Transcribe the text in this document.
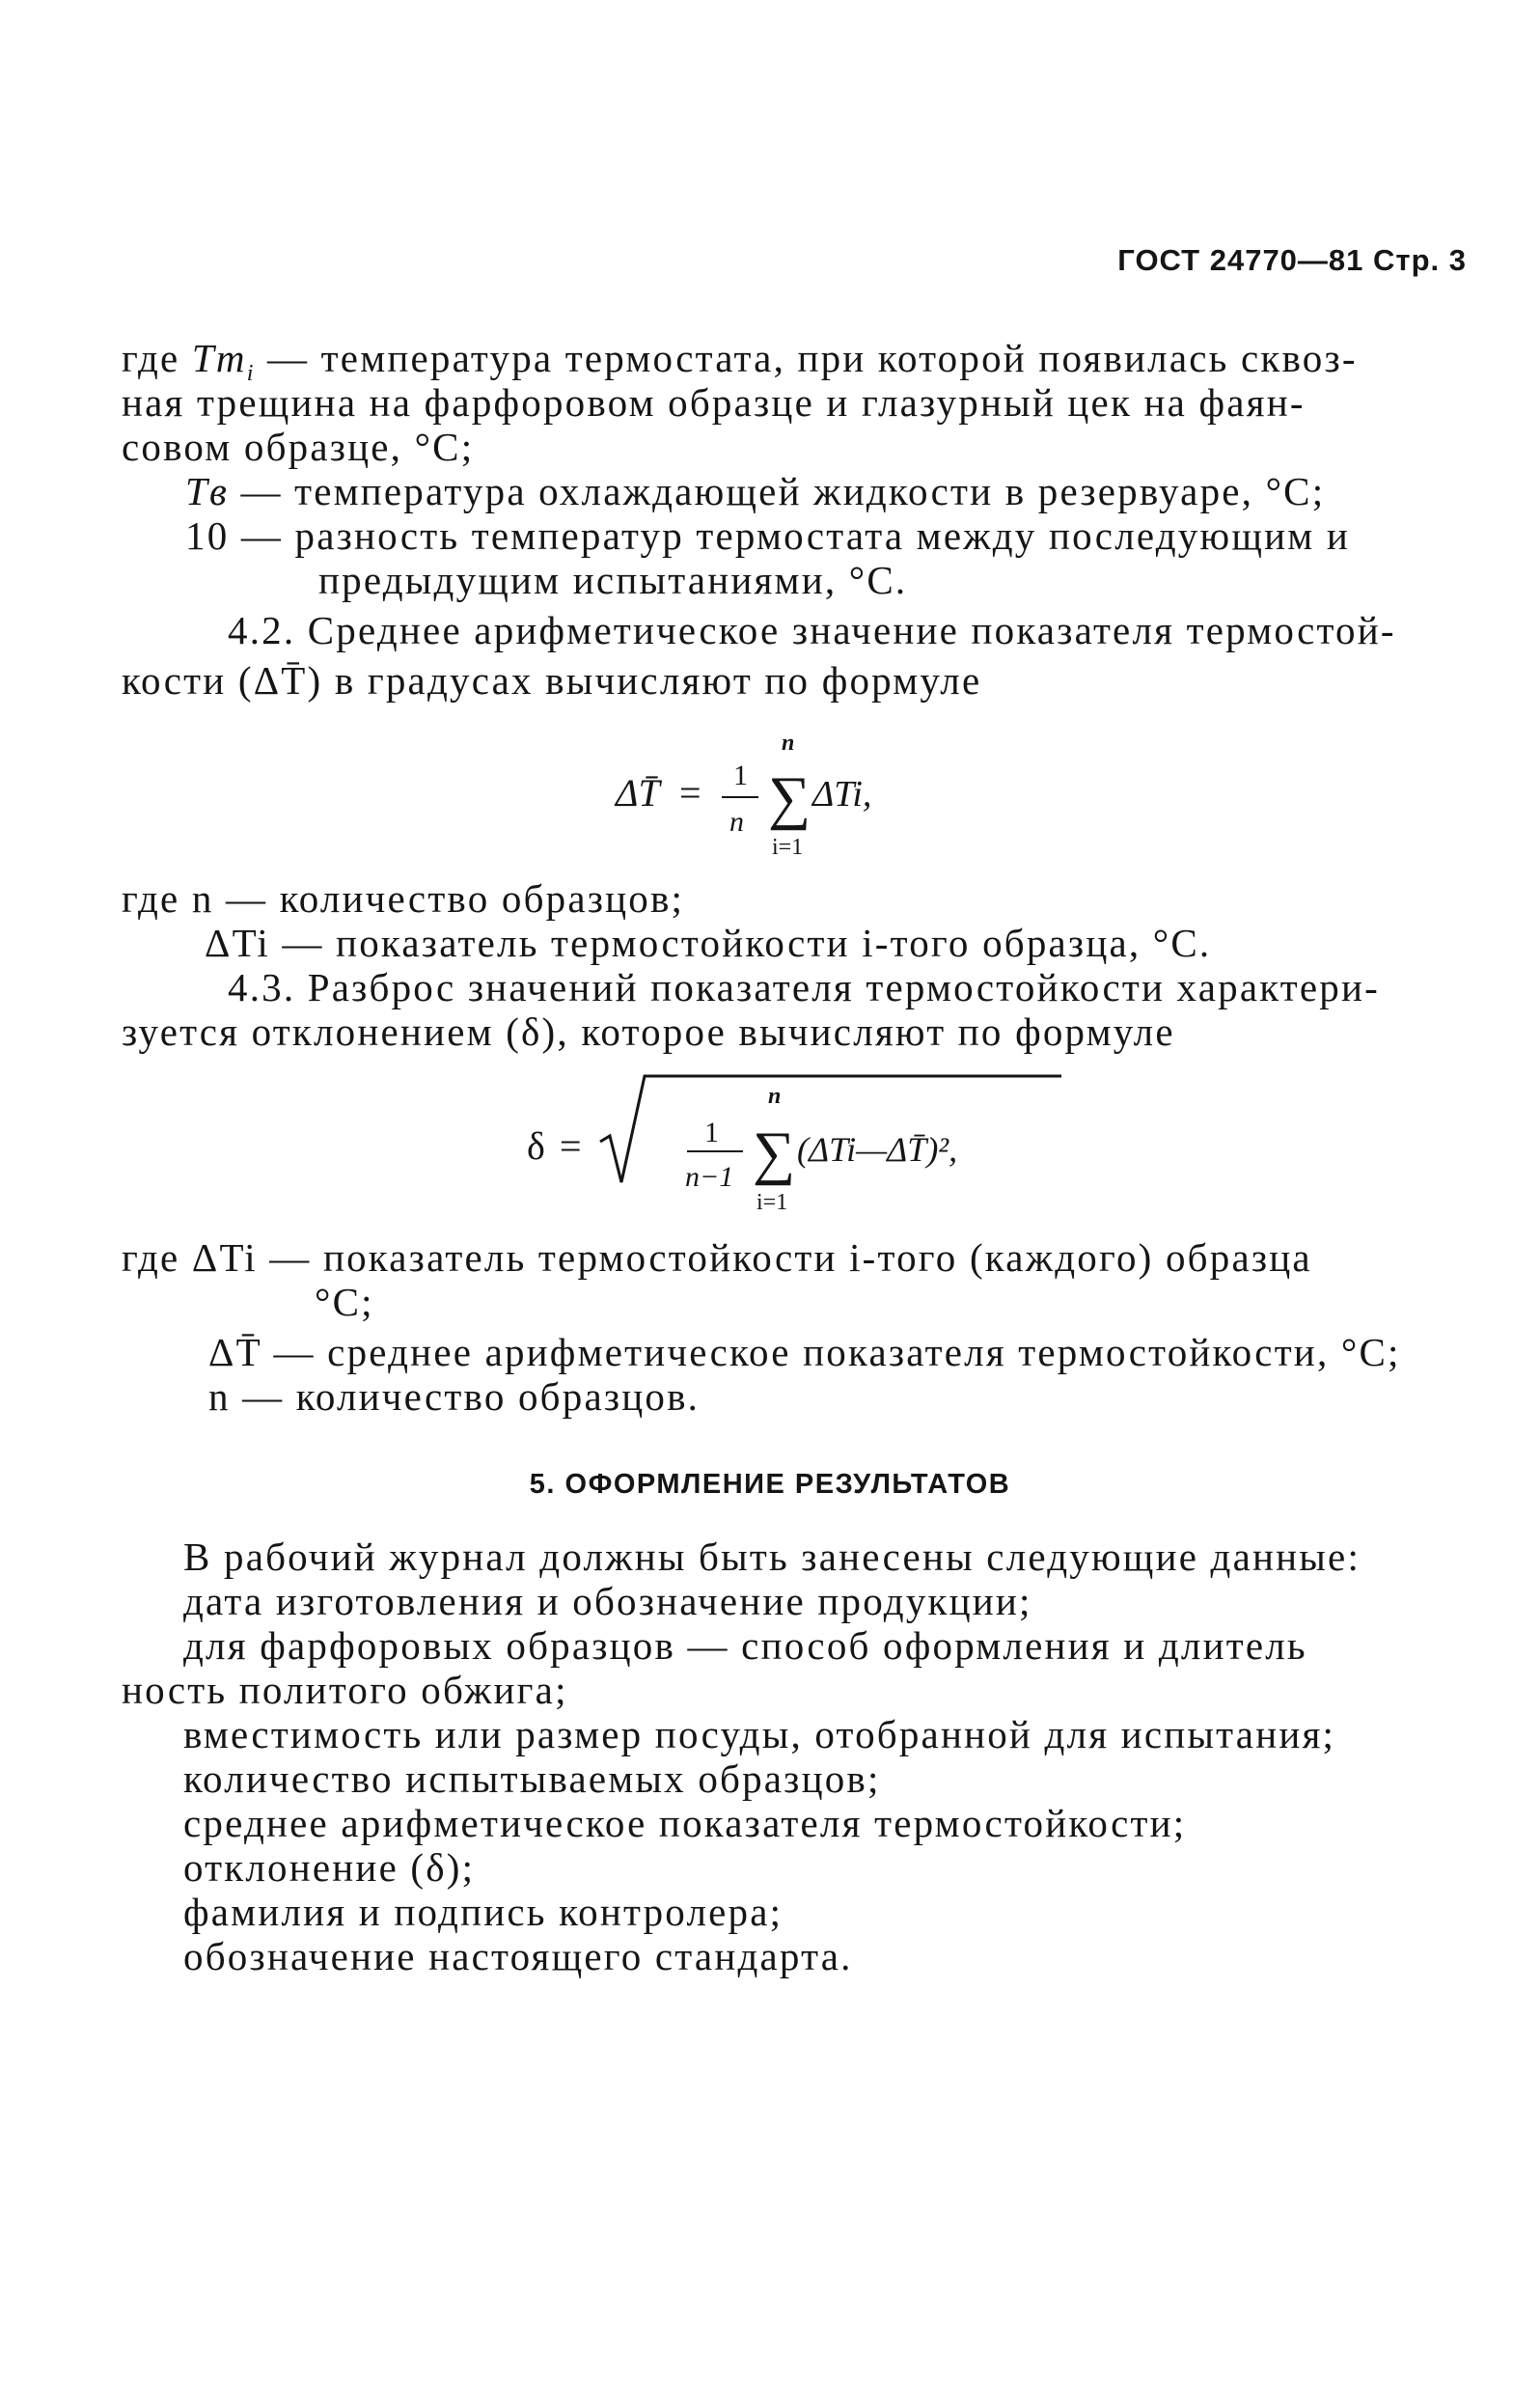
ГОСТ 24770—81 Стр. 3
где $Tт_i$ — температура термостата, при которой появилась сквоз-
ная трещина на фарфоровом образце и глазурный цек на фаян-
совом образце, °С;
Tв — температура охлаждающей жидкости в резервуаре, °С;
10 — разность температур термостата между последующим и
предыдущим испытаниями, °С.
4.2. Среднее арифметическое значение показателя термостой-
кости (ΔT̄) в градусах вычисляют по формуле
ΔT̄ = 1
n
n
∑
i=1
ΔTi,
где n — количество образцов;
ΔTi — показатель термостойкости i-того образца, °С.
4.3. Разброс значений показателя термостойкости характери-
зуется отклонением (δ), которое вычисляют по формуле
δ =	1
n−1
n
∑
i=1
(ΔTi—ΔT̄)²,
где ΔTi — показатель термостойкости i-того (каждого) образца
°С;
ΔT̄ — среднее арифметическое показателя термостойкости, °С;
n — количество образцов.
5. ОФОРМЛЕНИЕ РЕЗУЛЬТАТОВ
В рабочий журнал должны быть занесены следующие данные:
дата изготовления и обозначение продукции;
для фарфоровых образцов — способ оформления и длитель
ность политого обжига;
вместимость или размер посуды, отобранной для испытания;
количество испытываемых образцов;
среднее арифметическое показателя термостойкости;
отклонение (δ);
фамилия и подпись контролера;
обозначение настоящего стандарта.
